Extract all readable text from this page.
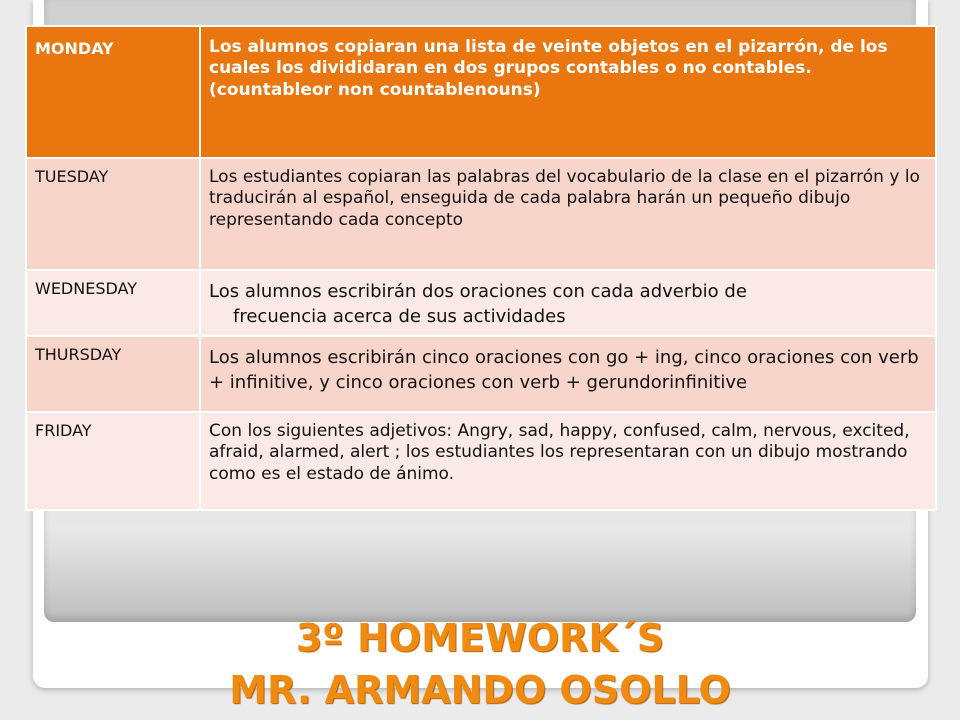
MONDAY	Los alumnos copiaran una lista de veinte objetos en el pizarrón, de los cuales los divididaran en dos grupos contables o no contables. (countableor non countablenouns)
TUESDAY	Los estudiantes copiaran las palabras del vocabulario de la clase en el pizarrón y lo traducirán al español, enseguida de cada palabra harán un pequeño dibujo representando cada concepto
WEDNESDAY	Los alumnos escribirán dos oraciones con cada adverbio de
frecuencia acerca de sus actividades

THURSDAY	Los alumnos escribirán cinco oraciones con go + ing, cinco oraciones con verb + infinitive, y cinco oraciones con verb + gerundorinfinitive
FRIDAY	Con los siguientes adjetivos: Angry, sad, happy, confused, calm, nervous, excited, afraid, alarmed, alert ; los estudiantes los representaran con un dibujo mostrando como es el estado de ánimo.
3º HOMEWORK´S
MR. ARMANDO OSOLLO
